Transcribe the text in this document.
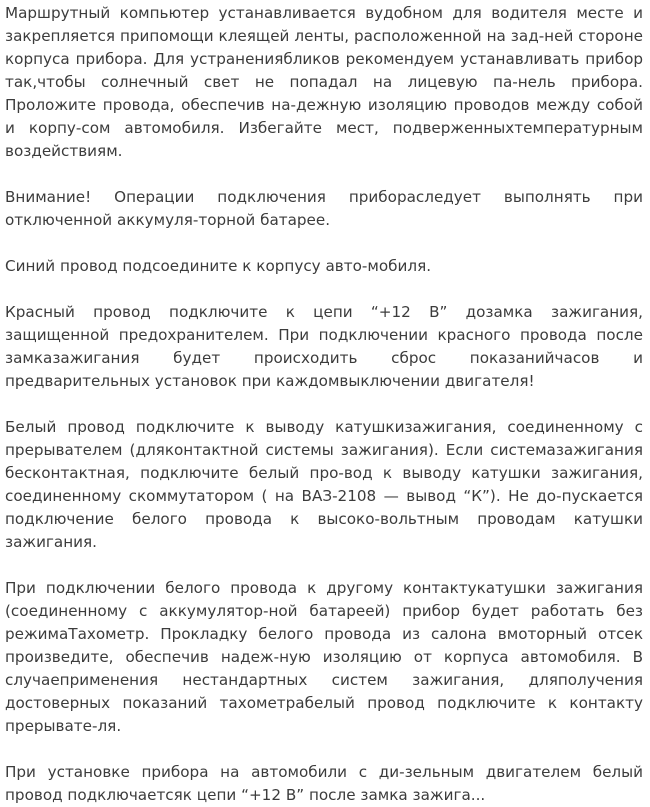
Маршрутный компьютер устанавливается вудобном для водителя месте и закрепляется припомощи клеящей ленты, расположенной на зад-ней стороне корпуса прибора. Для устранениябликов рекомендуем устанавливать прибор так,чтобы солнечный свет не попадал на лицевую па-нель прибора. Проложите провода, обеспечив на-дежную изоляцию проводов между собой и корпу-сом автомобиля. Избегайте мест, подверженныхтемпературным воздействиям.

Внимание! Операции подключения прибораследует выполнять при отключенной аккумуля-торной батарее.

Синий провод подсоедините к корпусу авто-мобиля.

Красный провод подключите к цепи “+12 В” дозамка зажигания, защищенной предохранителем. При подключении красного провода после замказажигания будет происходить сброс показанийчасов и предварительных установок при каждомвыключении двигателя!

Белый провод подключите к выводу катушкизажигания, соединенному с прерывателем (дляконтактной системы зажигания). Если системазажигания бесконтактная, подключите белый про-вод к выводу катушки зажигания, соединенному скоммутатором ( на ВАЗ-2108 — вывод “К”). Не до-пускается подключение белого провода к высоко-вольтным проводам катушки зажигания.

При подключении белого провода к другому контактукатушки зажигания (соединенному с аккумулятор-ной батареей) прибор будет работать без режимаТахометр. Прокладку белого провода из салона вмоторный отсек произведите, обеспечив надеж-ную изоляцию от корпуса автомобиля. В случаеприменения нестандартных систем зажигания, дляполучения достоверных показаний тахометрабелый провод подключите к контакту прерывате-ля.

При установке прибора на автомобили с ди-зельным двигателем белый провод подключаетсяк цепи “+12 В” после замка зажига...
